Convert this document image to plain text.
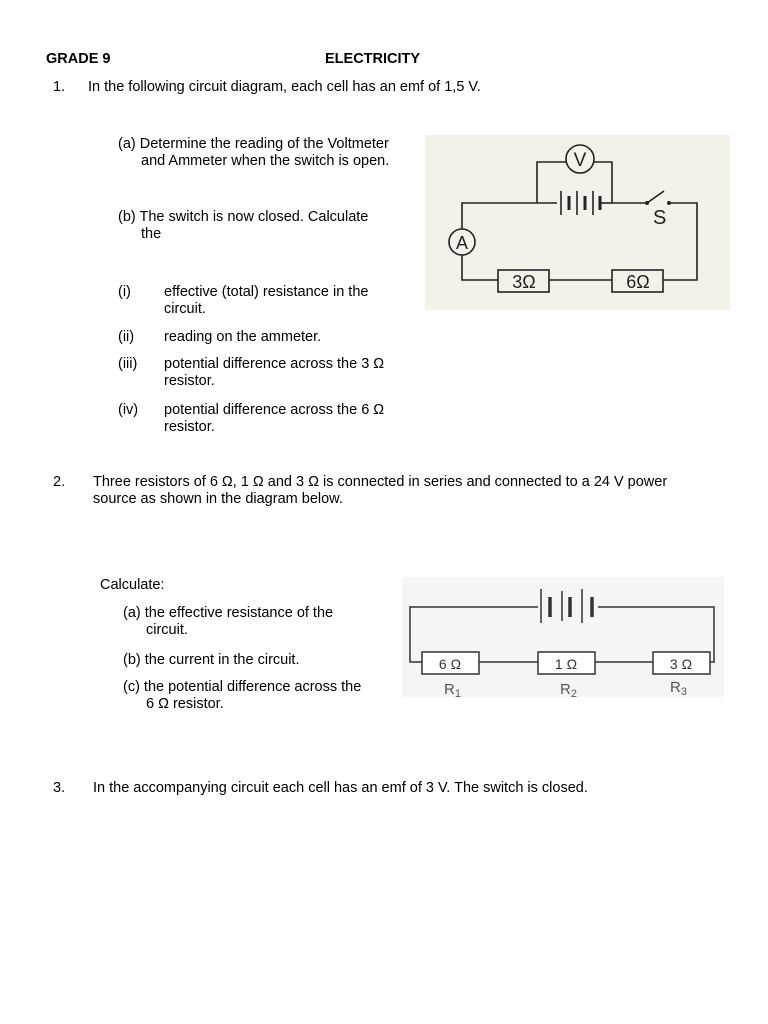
GRADE 9	ELECTRICITY
1. In the following circuit diagram, each cell has an emf of 1,5 V.
(a) Determine the reading of the Voltmeter
and Ammeter when the switch is open.
(b) The switch is now closed. Calculate
the
(i) effective (total) resistance in the
circuit.
(ii) reading on the ammeter.
(iii) potential difference across the 3 Ω
resistor.
(iv) potential difference across the 6 Ω
resistor.
S
V
A
3Ω	6Ω
2. Three resistors of 6 Ω, 1 Ω and 3 Ω is connected in series and connected to a 24 V power
source as shown in the diagram below.
Calculate:
(a) the effective resistance of the
circuit.
(b) the current in the circuit.
(c) the potential difference across the
6 Ω resistor.
6 Ω	1 Ω	3 Ω
$R_1$	$R_2$	$R_3$
3. In the accompanying circuit each cell has an emf of 3 V. The switch is closed.
